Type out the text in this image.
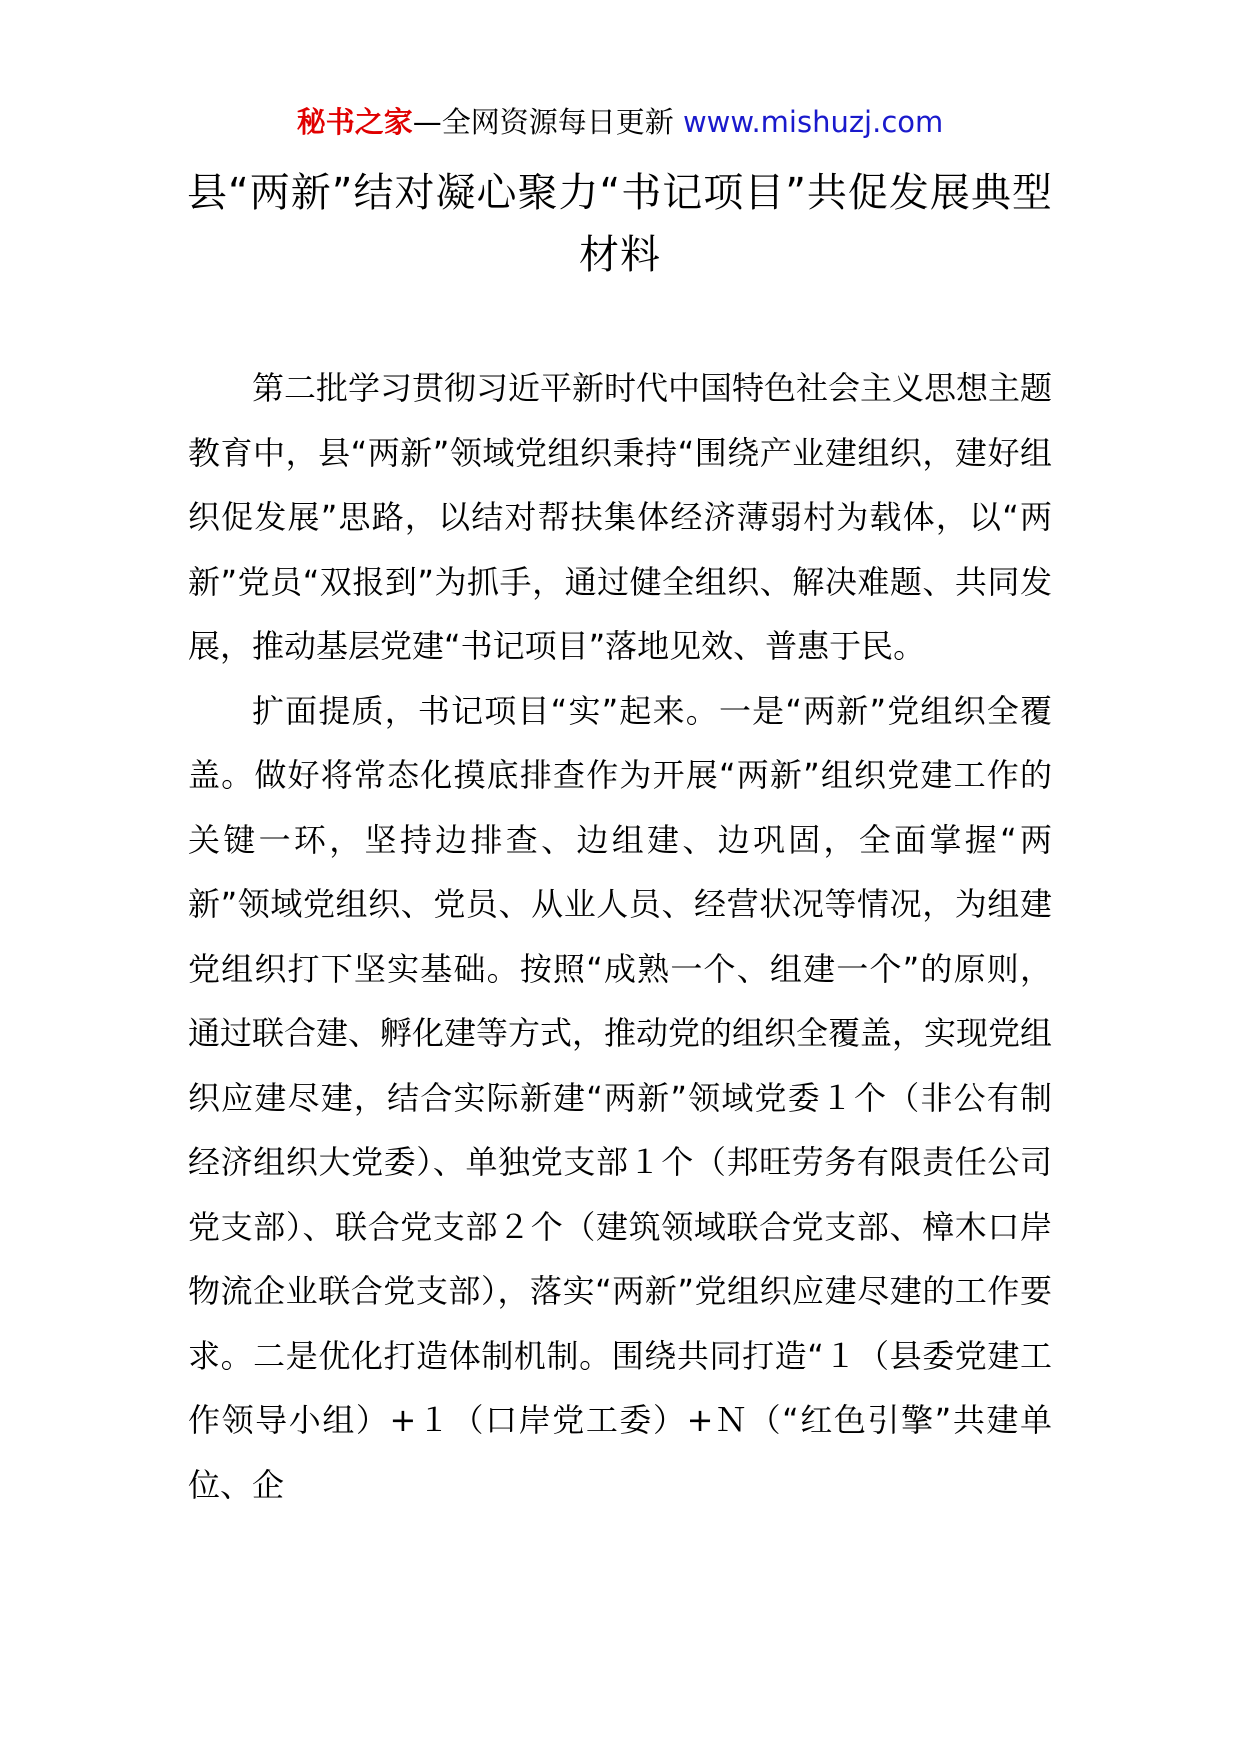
秘书之家—全网资源每日更新 www.mishuzj.com
县“两新”结对凝心聚力“书记项目”共促发展典型材料

第二批学习贯彻习近平新时代中国特色社会主义思想主题教育中，县“两新”领域党组织秉持“围绕产业建组织，建好组织促发展”思路，以结对帮扶集体经济薄弱村为载体，以“两新”党员“双报到”为抓手，通过健全组织、解决难题、共同发展，推动基层党建“书记项目”落地见效、普惠于民。

扩面提质，书记项目“实”起来。一是“两新”党组织全覆盖。做好将常态化摸底排查作为开展“两新”组织党建工作的关键一环，坚持边排查、边组建、边巩固，全面掌握“两新”领域党组织、党员、从业人员、经营状况等情况，为组建党组织打下坚实基础。按照“成熟一个、组建一个”的原则，通过联合建、孵化建等方式，推动党的组织全覆盖，实现党组织应建尽建，结合实际新建“两新”领域党委１个（非公有制经济组织大党委）、单独党支部１个（邦旺劳务有限责任公司党支部）、联合党支部２个（建筑领域联合党支部、樟木口岸物流企业联合党支部），落实“两新”党组织应建尽建的工作要求。二是优化打造体制机制。围绕共同打造“１（县委党建工作领导小组）+１（口岸党工委）+Ｎ（“红色引擎”共建单位、企
